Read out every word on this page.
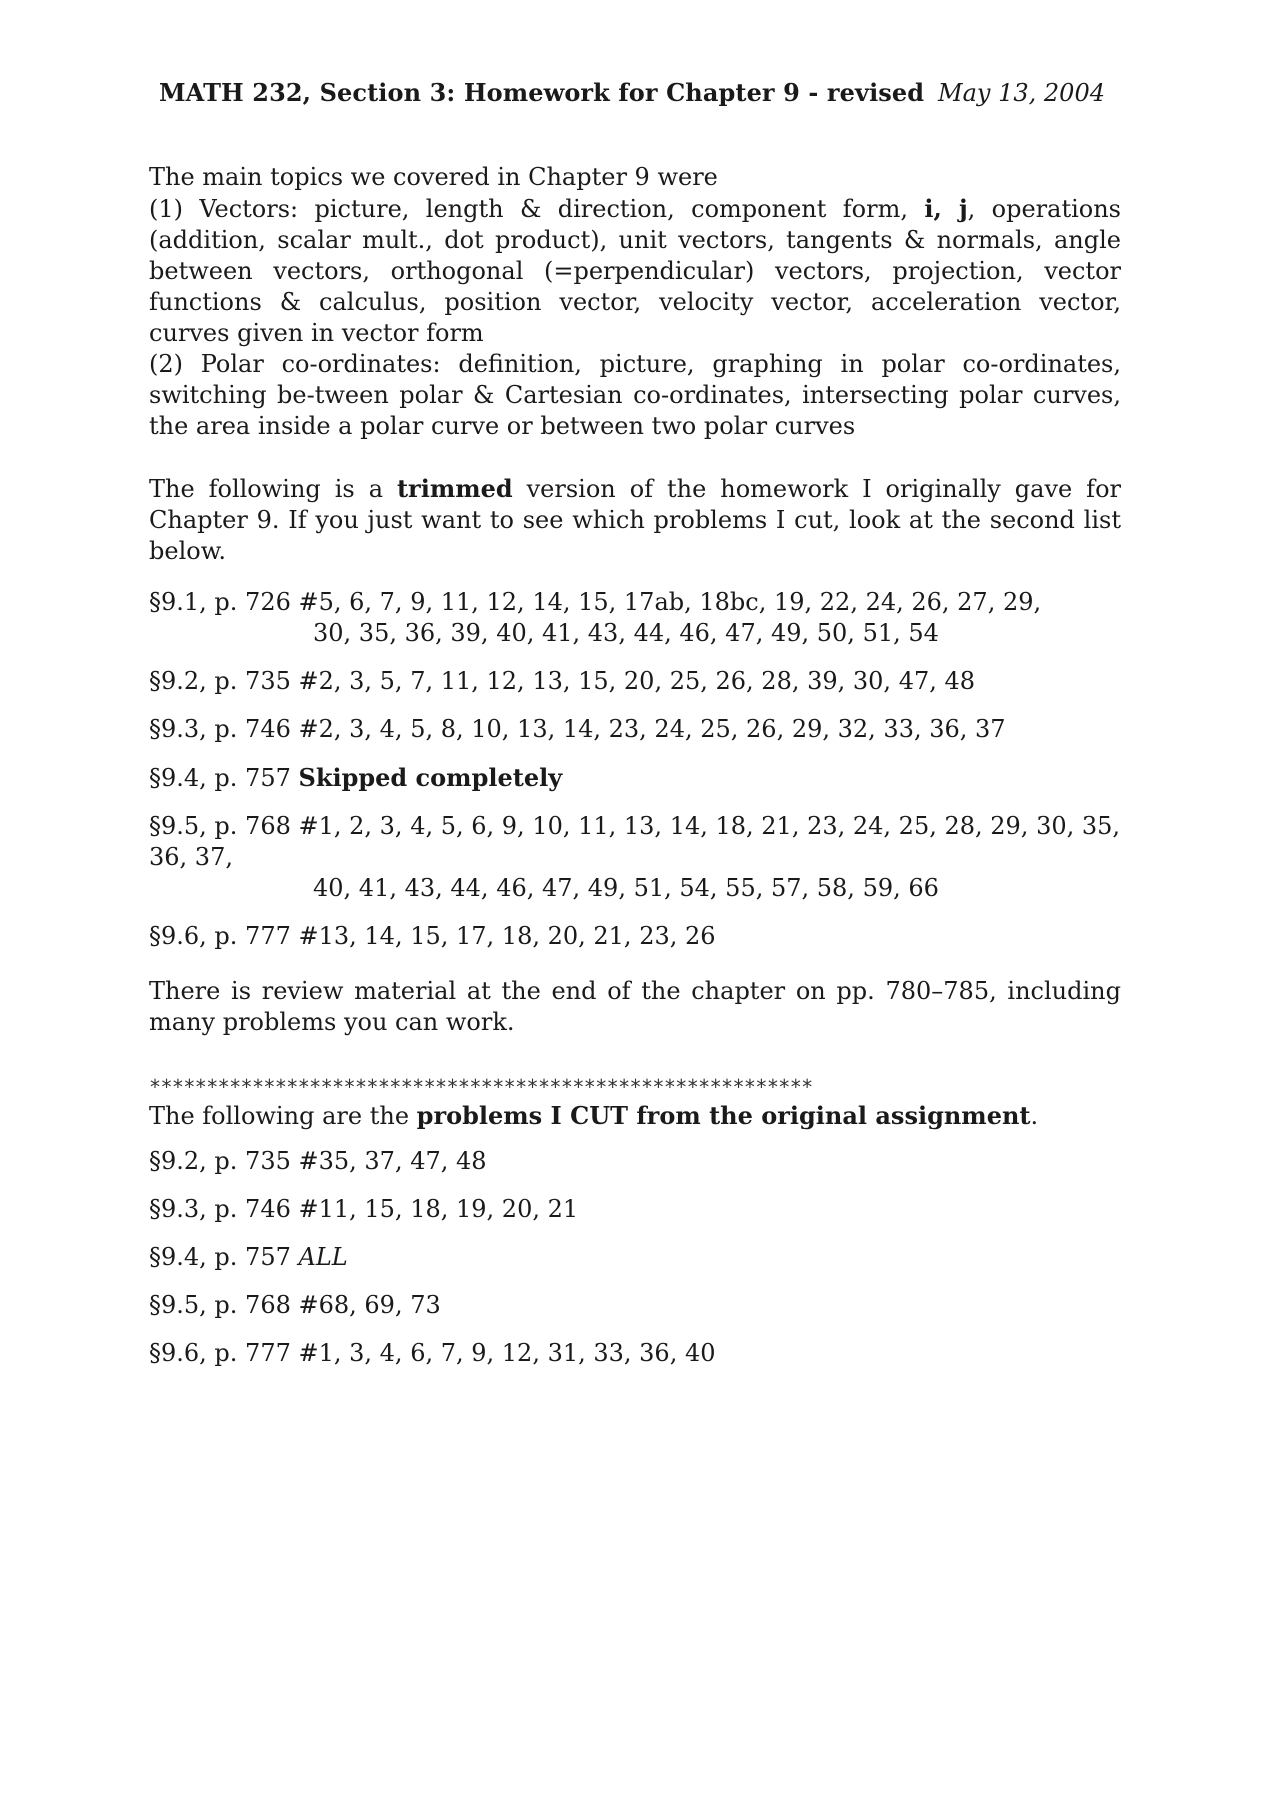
MATH 232, Section 3: Homework for Chapter 9 - revised May 13, 2004

The main topics we covered in Chapter 9 were

(1) Vectors: picture, length & direction, component form, i, j, operations (addition, scalar mult., dot product), unit vectors, tangents & normals, angle between vectors, orthogonal (=perpendicular) vectors, projection, vector functions & calculus, position vector, velocity vector, acceleration vector, curves given in vector form

(2) Polar co-ordinates: definition, picture, graphing in polar co-ordinates, switching be-tween polar & Cartesian co-ordinates, intersecting polar curves, the area inside a polar curve or between two polar curves

The following is a trimmed version of the homework I originally gave for Chapter 9. If you just want to see which problems I cut, look at the second list below.

§9.1, p. 726 #5, 6, 7, 9, 11, 12, 14, 15, 17ab, 18bc, 19, 22, 24, 26, 27, 29,
30, 35, 36, 39, 40, 41, 43, 44, 46, 47, 49, 50, 51, 54
§9.2, p. 735 #2, 3, 5, 7, 11, 12, 13, 15, 20, 25, 26, 28, 39, 30, 47, 48
§9.3, p. 746 #2, 3, 4, 5, 8, 10, 13, 14, 23, 24, 25, 26, 29, 32, 33, 36, 37
§9.4, p. 757 Skipped completely
§9.5, p. 768 #1, 2, 3, 4, 5, 6, 9, 10, 11, 13, 14, 18, 21, 23, 24, 25, 28, 29, 30, 35, 36, 37,
40, 41, 43, 44, 46, 47, 49, 51, 54, 55, 57, 58, 59, 66
§9.6, p. 777 #13, 14, 15, 17, 18, 20, 21, 23, 26

There is review material at the end of the chapter on pp. 780–785, including many problems you can work.

**********************************************************

The following are the problems I CUT from the original assignment.

§9.2, p. 735 #35, 37, 47, 48
§9.3, p. 746 #11, 15, 18, 19, 20, 21
§9.4, p. 757 ALL
§9.5, p. 768 #68, 69, 73
§9.6, p. 777 #1, 3, 4, 6, 7, 9, 12, 31, 33, 36, 40
